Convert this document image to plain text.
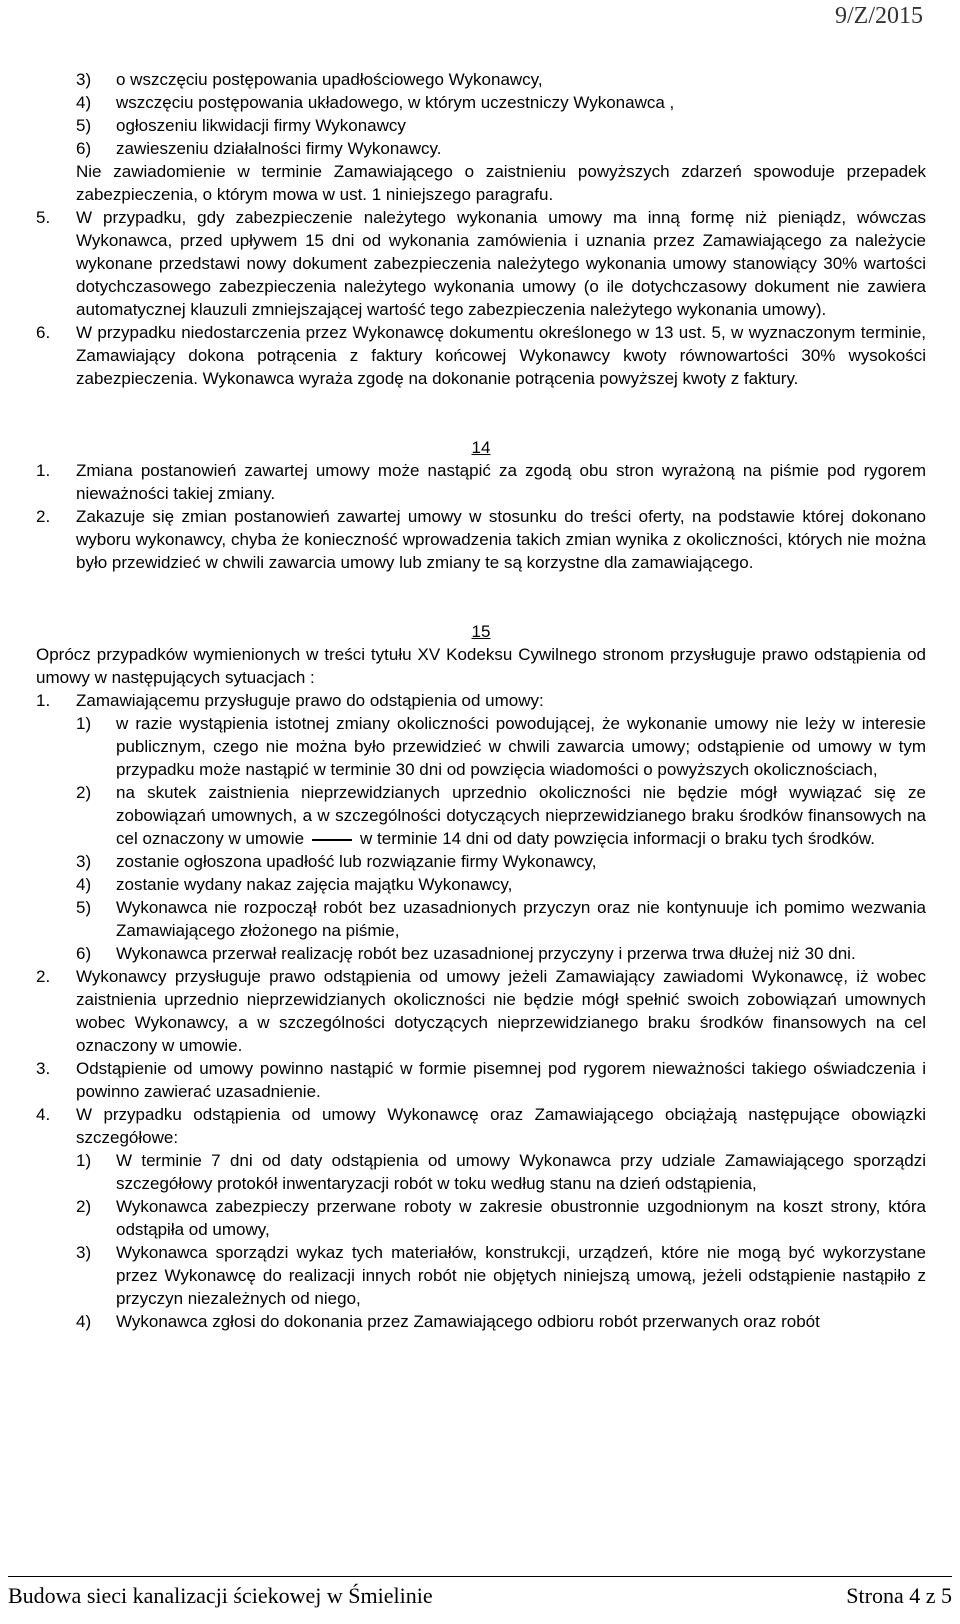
9/Z/2015
3)	o wszczęciu postępowania upadłościowego Wykonawcy,
4)	wszczęciu postępowania układowego, w którym uczestniczy Wykonawca ,
5)	ogłoszeniu likwidacji firmy Wykonawcy
6)	zawieszeniu działalności firmy Wykonawcy.
Nie zawiadomienie w terminie Zamawiającego o zaistnieniu powyższych zdarzeń spowoduje przepadek zabezpieczenia, o którym mowa w ust. 1 niniejszego paragrafu.
5.	W przypadku, gdy zabezpieczenie należytego wykonania umowy ma inną formę niż pieniądz, wówczas Wykonawca, przed upływem 15 dni od wykonania zamówienia i uznania przez Zamawiającego za należycie wykonane przedstawi nowy dokument zabezpieczenia należytego wykonania umowy stanowiący 30% wartości dotychczasowego zabezpieczenia należytego wykonania umowy (o ile dotychczasowy dokument nie zawiera automatycznej klauzuli zmniejszającej wartość tego zabezpieczenia należytego wykonania umowy).
6.	W przypadku niedostarczenia przez Wykonawcę dokumentu określonego w 13 ust. 5, w wyznaczonym terminie, Zamawiający dokona potrącenia z faktury końcowej Wykonawcy kwoty równowartości 30% wysokości zabezpieczenia. Wykonawca wyraża zgodę na dokonanie potrącenia powyższej kwoty z faktury.
14
1.	Zmiana postanowień zawartej umowy może nastąpić za zgodą obu stron wyrażoną na piśmie pod rygorem nieważności takiej zmiany.
2.	Zakazuje się zmian postanowień zawartej umowy w stosunku do treści oferty, na podstawie której dokonano wyboru wykonawcy, chyba że konieczność wprowadzenia takich zmian wynika z okoliczności, których nie można było przewidzieć w chwili zawarcia umowy lub zmiany te są korzystne dla zamawiającego.
15
Oprócz przypadków wymienionych w treści tytułu XV Kodeksu Cywilnego stronom przysługuje prawo odstąpienia od umowy w następujących sytuacjach :
1.	Zamawiającemu przysługuje prawo do odstąpienia od umowy:
1)	w razie wystąpienia istotnej zmiany okoliczności powodującej, że wykonanie umowy nie leży w interesie publicznym, czego nie można było przewidzieć w chwili zawarcia umowy; odstąpienie od umowy w tym przypadku może nastąpić w terminie 30 dni od powzięcia wiadomości o powyższych okolicznościach,
2)	na skutek zaistnienia nieprzewidzianych uprzednio okoliczności nie będzie mógł wywiązać się ze zobowiązań umownych, a w szczególności dotyczących nieprzewidzianego braku środków finansowych na cel oznaczony w umowie	w terminie 14 dni od daty powzięcia informacji o braku tych środków.
3)	zostanie ogłoszona upadłość lub rozwiązanie firmy Wykonawcy,
4)	zostanie wydany nakaz zajęcia majątku Wykonawcy,
5)	Wykonawca nie rozpoczął robót bez uzasadnionych przyczyn oraz nie kontynuuje ich pomimo wezwania Zamawiającego złożonego na piśmie,
6)	Wykonawca przerwał realizację robót bez uzasadnionej przyczyny i przerwa trwa dłużej niż 30 dni.
2.	Wykonawcy przysługuje prawo odstąpienia od umowy jeżeli Zamawiający zawiadomi Wykonawcę, iż wobec zaistnienia uprzednio nieprzewidzianych okoliczności nie będzie mógł spełnić swoich zobowiązań umownych wobec Wykonawcy, a w szczególności dotyczących nieprzewidzianego braku środków finansowych na cel oznaczony w umowie.
3.	Odstąpienie od umowy powinno nastąpić w formie pisemnej pod rygorem nieważności takiego oświadczenia i powinno zawierać uzasadnienie.
4.	W przypadku odstąpienia od umowy Wykonawcę oraz Zamawiającego obciążają następujące obowiązki szczegółowe:
1)	W terminie 7 dni od daty odstąpienia od umowy Wykonawca przy udziale Zamawiającego sporządzi szczegółowy protokół inwentaryzacji robót w toku według stanu na dzień odstąpienia,
2)	Wykonawca zabezpieczy przerwane roboty w zakresie obustronnie uzgodnionym na koszt strony, która odstąpiła od umowy,
3)	Wykonawca sporządzi wykaz tych materiałów, konstrukcji, urządzeń, które nie mogą być wykorzystane przez Wykonawcę do realizacji innych robót nie objętych niniejszą umową, jeżeli odstąpienie nastąpiło z przyczyn niezależnych od niego,
4)	Wykonawca zgłosi do dokonania przez Zamawiającego odbioru robót przerwanych oraz robót
Budowa sieci kanalizacji ściekowej w Śmielinie	Strona 4 z 5
